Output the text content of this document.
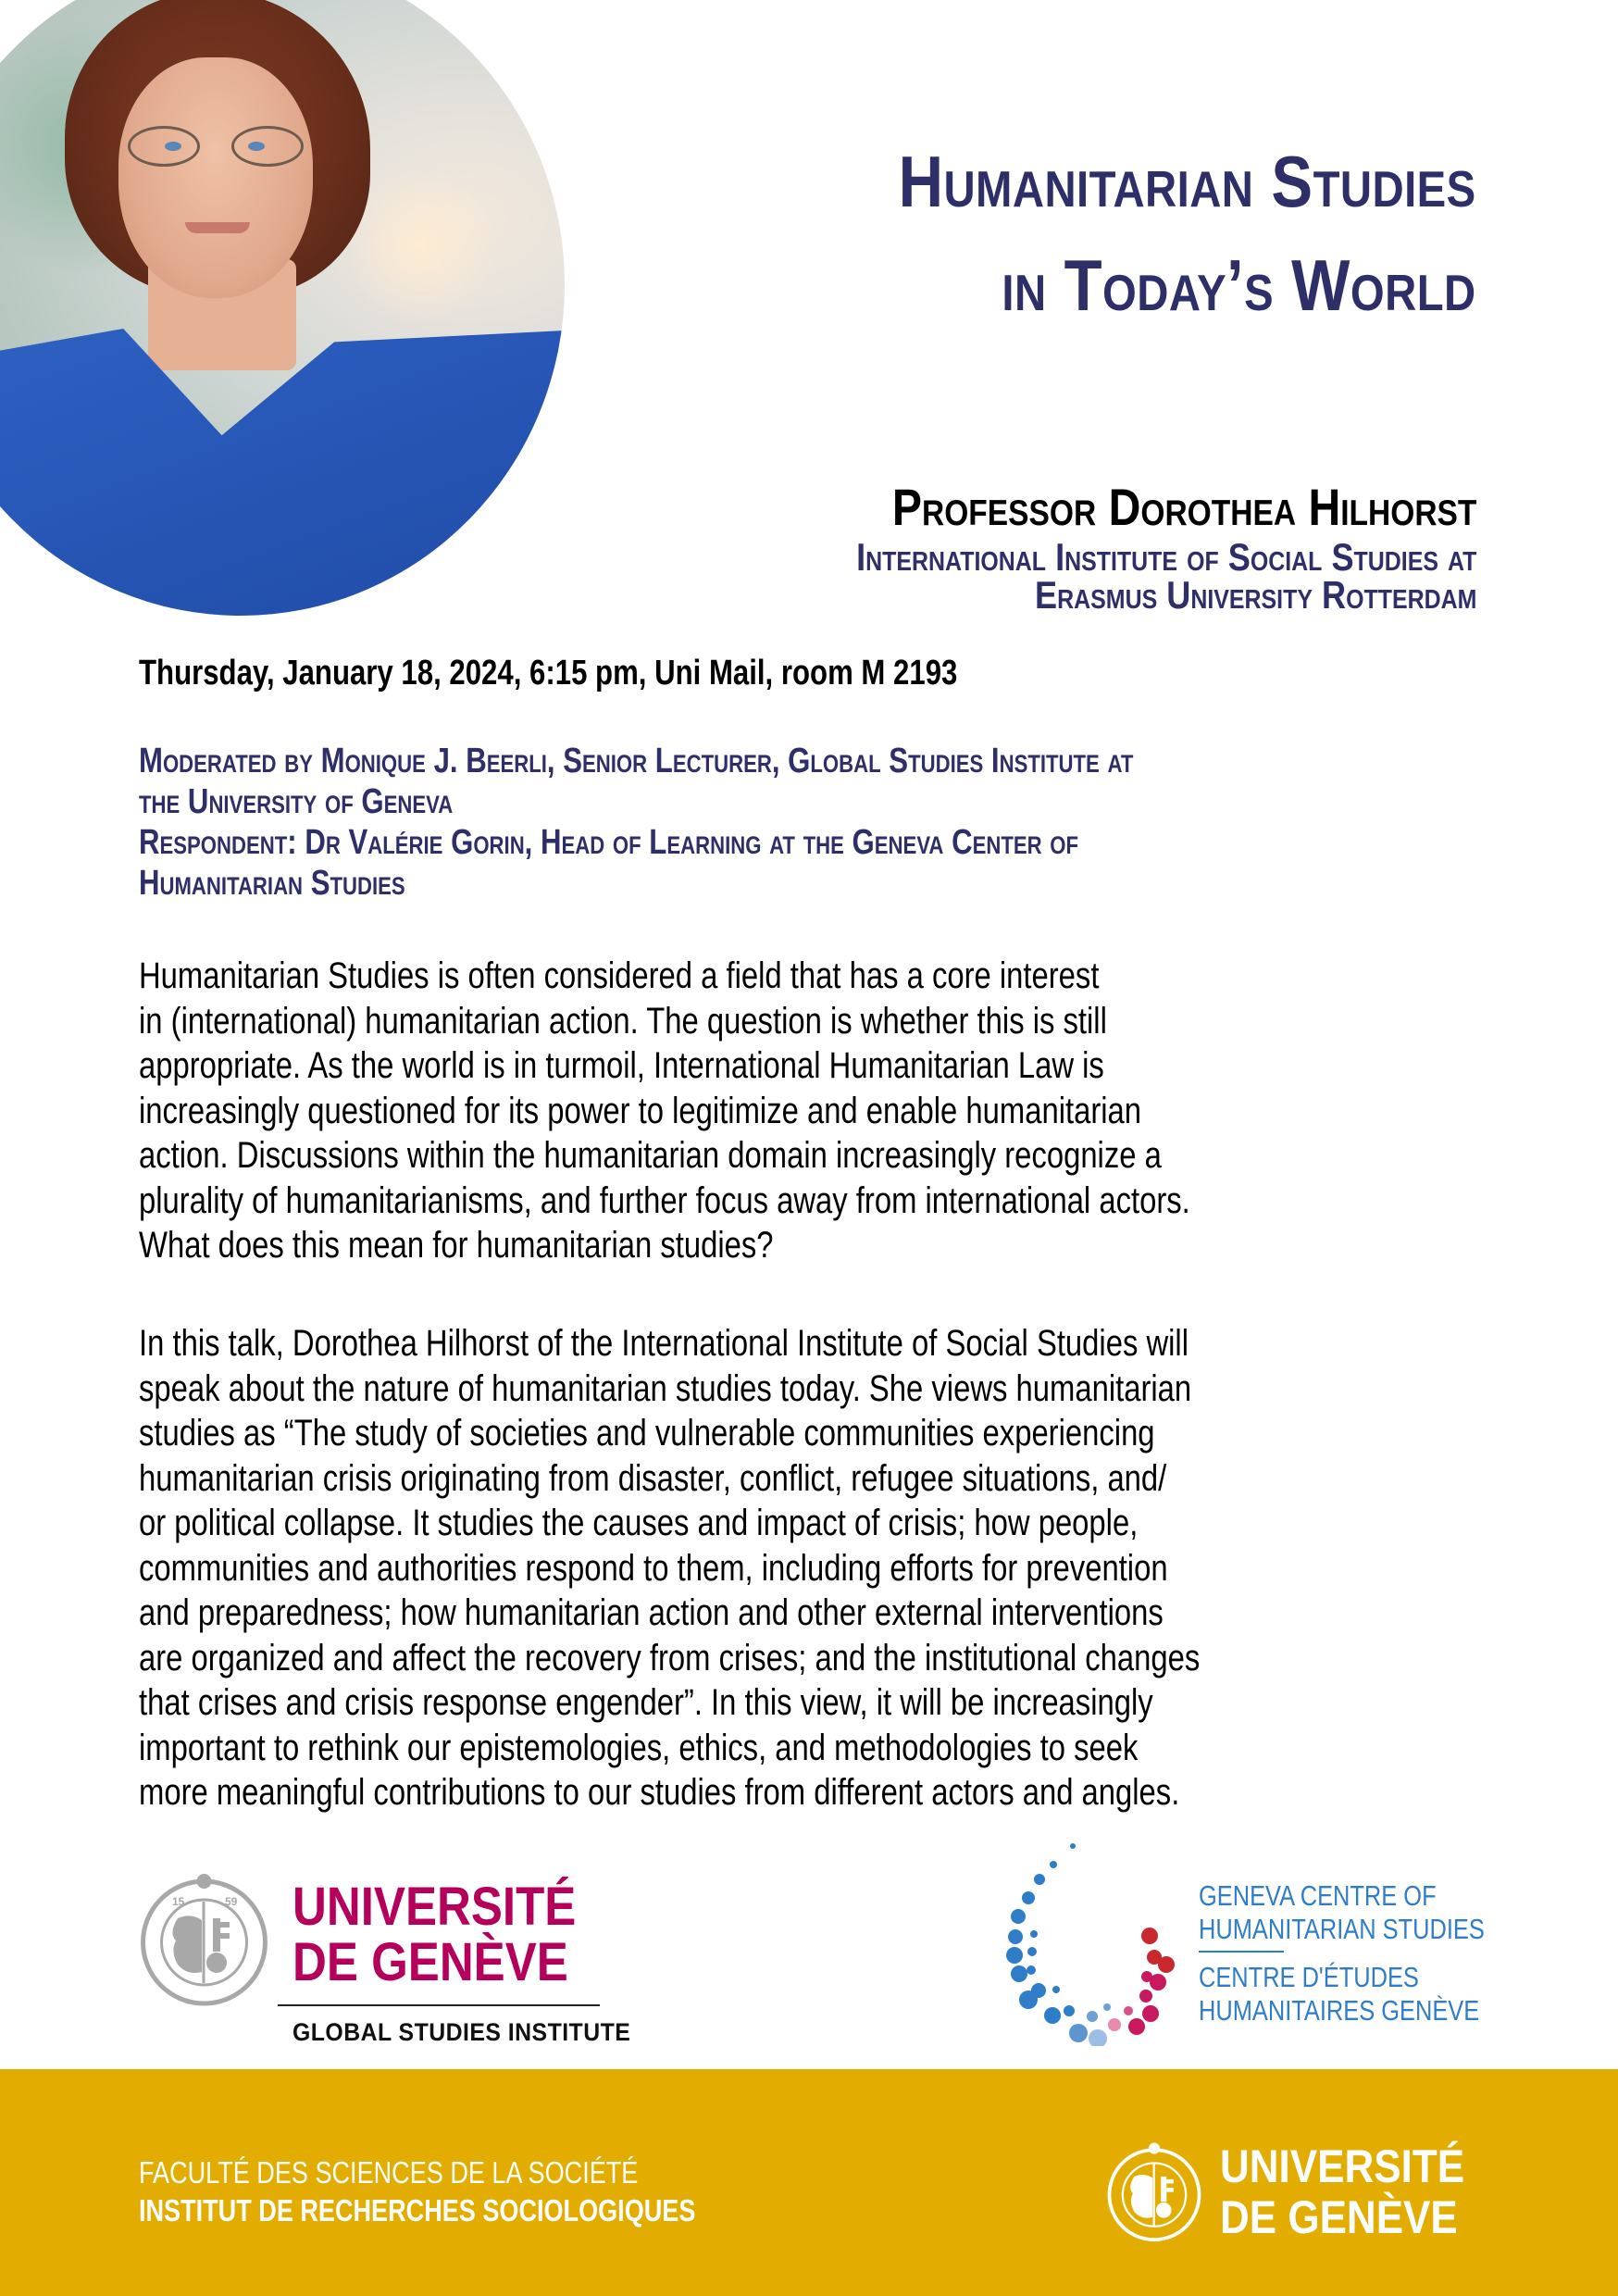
Humanitarian Studies
in Today’s World
Professor Dorothea Hilhorst
International Institute of Social Studies at
Erasmus University Rotterdam
Thursday, January 18, 2024, 6:15 pm, Uni Mail, room M 2193
Moderated by Monique J. Beerli, Senior Lecturer, Global Studies Institute at
the University of Geneva
Respondent: Dr Valérie Gorin, Head of Learning at the Geneva Center of
Humanitarian Studies
Humanitarian Studies is often considered a field that has a core interest
in (international) humanitarian action. The question is whether this is still
appropriate. As the world is in turmoil, International Humanitarian Law is
increasingly questioned for its power to legitimize and enable humanitarian
action. Discussions within the humanitarian domain increasingly recognize a
plurality of humanitarianisms, and further focus away from international actors.
What does this mean for humanitarian studies?
In this talk, Dorothea Hilhorst of the International Institute of Social Studies will
speak about the nature of humanitarian studies today. She views humanitarian
studies as “The study of societies and vulnerable communities experiencing
humanitarian crisis originating from disaster, conflict, refugee situations, and/
or political collapse. It studies the causes and impact of crisis; how people,
communities and authorities respond to them, including efforts for prevention
and preparedness; how humanitarian action and other external interventions
are organized and affect the recovery from crises; and the institutional changes
that crises and crisis response engender”. In this view, it will be increasingly
important to rethink our epistemologies, ethics, and methodologies to seek
more meaningful contributions to our studies from different actors and angles.
15	59 UNIVERSITÉ
DE GENÈVE
GLOBAL STUDIES INSTITUTE
GENEVA CENTRE OF
HUMANITARIAN STUDIES
CENTRE D'ÉTUDES
HUMANITAIRES GENÈVE
FACULTÉ DES SCIENCES DE LA SOCIÉTÉ
INSTITUT DE RECHERCHES SOCIOLOGIQUES
UNIVERSITÉ
DE GENÈVE
